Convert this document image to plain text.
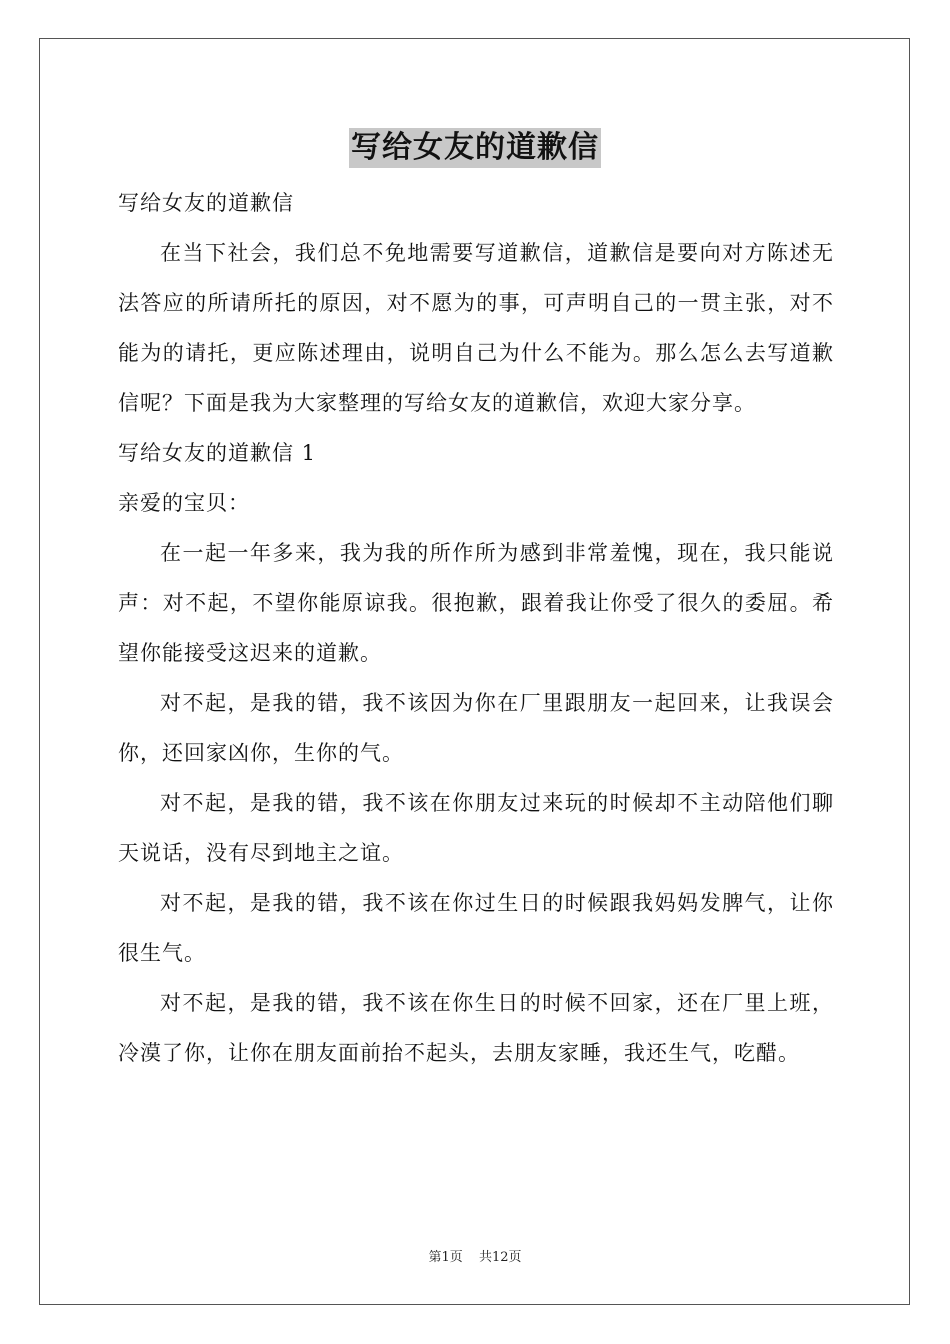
写给女友的道歉信

写给女友的道歉信

在当下社会，我们总不免地需要写道歉信，道歉信是要向对方陈述无法答应的所请所托的原因，对不愿为的事，可声明自己的一贯主张，对不能为的请托，更应陈述理由，说明自己为什么不能为。那么怎么去写道歉信呢？下面是我为大家整理的写给女友的道歉信，欢迎大家分享。

写给女友的道歉信 1

亲爱的宝贝：

在一起一年多来，我为我的所作所为感到非常羞愧，现在，我只能说声：对不起，不望你能原谅我。很抱歉，跟着我让你受了很久的委屈。希望你能接受这迟来的道歉。

对不起，是我的错，我不该因为你在厂里跟朋友一起回来，让我误会你，还回家凶你，生你的气。

对不起，是我的错，我不该在你朋友过来玩的时候却不主动陪他们聊天说话，没有尽到地主之谊。

对不起，是我的错，我不该在你过生日的时候跟我妈妈发脾气，让你很生气。

对不起，是我的错，我不该在你生日的时候不回家，还在厂里上班，冷漠了你，让你在朋友面前抬不起头，去朋友家睡，我还生气，吃醋。

第1页 共12页
